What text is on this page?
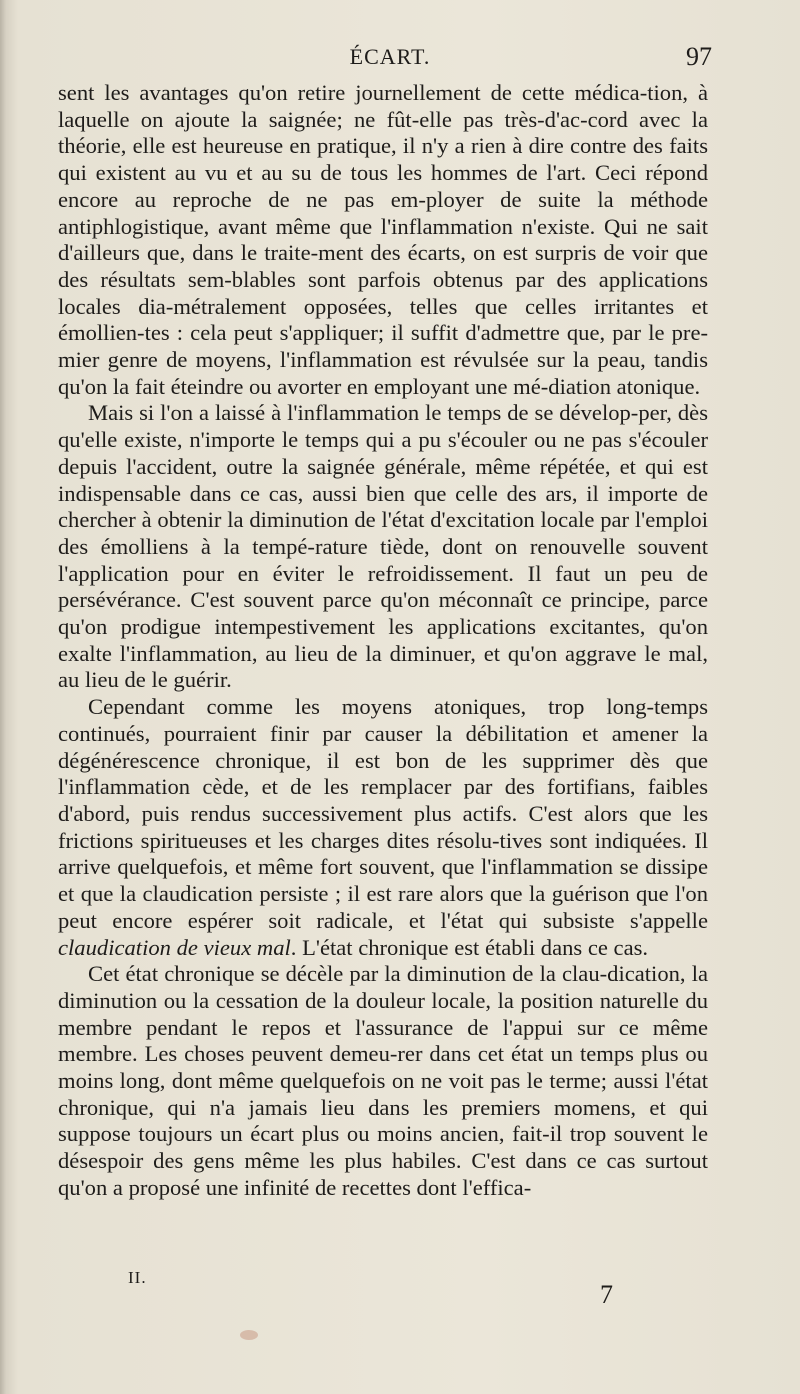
ÉCART.	97

sent les avantages qu'on retire journellement de cette médica-tion, à laquelle on ajoute la saignée; ne fût-elle pas très-d'ac-cord avec la théorie, elle est heureuse en pratique, il n'y a rien à dire contre des faits qui existent au vu et au su de tous les hommes de l'art. Ceci répond encore au reproche de ne pas em-ployer de suite la méthode antiphlogistique, avant même que l'inflammation n'existe. Qui ne sait d'ailleurs que, dans le traite-ment des écarts, on est surpris de voir que des résultats sem-blables sont parfois obtenus par des applications locales dia-métralement opposées, telles que celles irritantes et émollien-tes : cela peut s'appliquer; il suffit d'admettre que, par le pre-mier genre de moyens, l'inflammation est révulsée sur la peau, tandis qu'on la fait éteindre ou avorter en employant une mé-diation atonique.

Mais si l'on a laissé à l'inflammation le temps de se dévelop-per, dès qu'elle existe, n'importe le temps qui a pu s'écouler ou ne pas s'écouler depuis l'accident, outre la saignée générale, même répétée, et qui est indispensable dans ce cas, aussi bien que celle des ars, il importe de chercher à obtenir la diminution de l'état d'excitation locale par l'emploi des émolliens à la tempé-rature tiède, dont on renouvelle souvent l'application pour en éviter le refroidissement. Il faut un peu de persévérance. C'est souvent parce qu'on méconnaît ce principe, parce qu'on prodigue intempestivement les applications excitantes, qu'on exalte l'inflammation, au lieu de la diminuer, et qu'on aggrave le mal, au lieu de le guérir.

Cependant comme les moyens atoniques, trop long-temps continués, pourraient finir par causer la débilitation et amener la dégénérescence chronique, il est bon de les supprimer dès que l'inflammation cède, et de les remplacer par des fortifians, faibles d'abord, puis rendus successivement plus actifs. C'est alors que les frictions spiritueuses et les charges dites résolu-tives sont indiquées. Il arrive quelquefois, et même fort souvent, que l'inflammation se dissipe et que la claudication persiste ; il est rare alors que la guérison que l'on peut encore espérer soit radicale, et l'état qui subsiste s'appelle claudication de vieux mal. L'état chronique est établi dans ce cas.

Cet état chronique se décèle par la diminution de la clau-dication, la diminution ou la cessation de la douleur locale, la position naturelle du membre pendant le repos et l'assurance de l'appui sur ce même membre. Les choses peuvent demeu-rer dans cet état un temps plus ou moins long, dont même quelquefois on ne voit pas le terme; aussi l'état chronique, qui n'a jamais lieu dans les premiers momens, et qui suppose toujours un écart plus ou moins ancien, fait-il trop souvent le désespoir des gens même les plus habiles. C'est dans ce cas surtout qu'on a proposé une infinité de recettes dont l'effica-

II.
7
